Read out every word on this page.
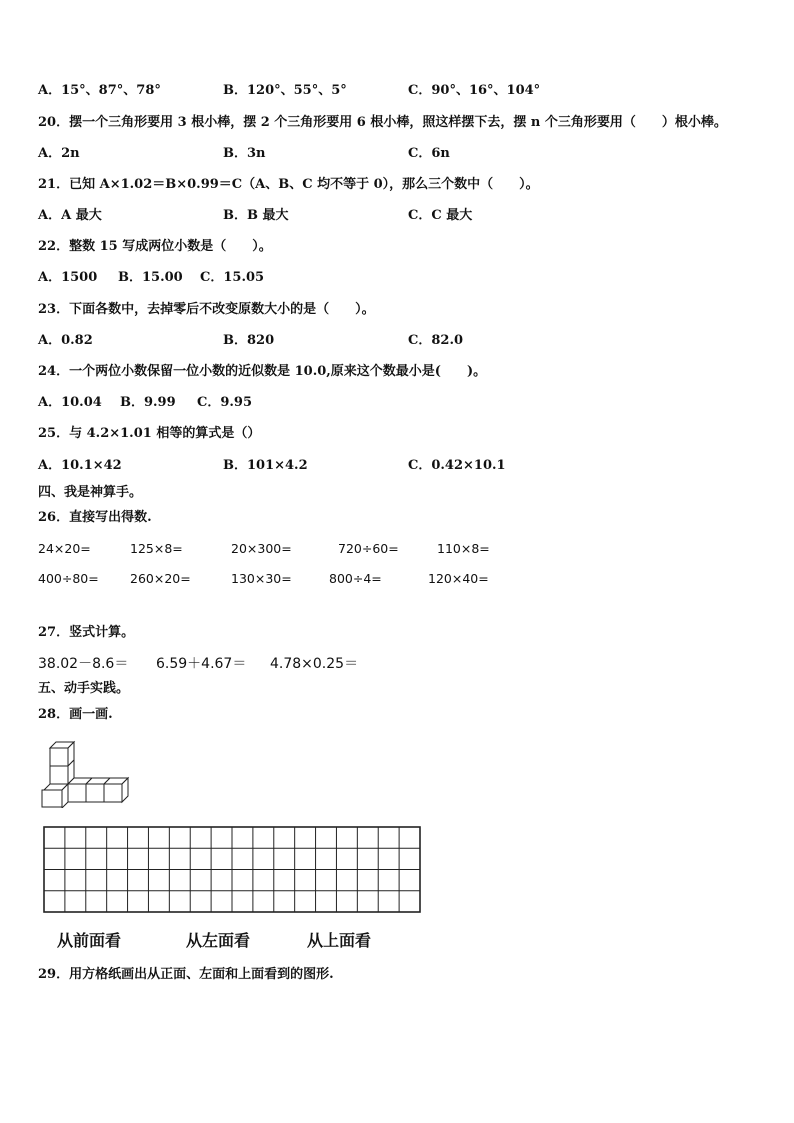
A．15°、87°、78°	B．120°、55°、5°	C．90°、16°、104°
20．摆一个三角形要用 3 根小棒，摆 2 个三角形要用 6 根小棒，照这样摆下去，摆 n 个三角形要用（　　）根小棒。
A．2n	B．3n	C．6n
21．已知 A×1.02＝B×0.99＝C（A、B、C 均不等于 0），那么三个数中（　　）。
A．A 最大	B．B 最大	C．C 最大
22．整数 15 写成两位小数是（　　）。
A．1500 B．15.00 C．15.05
23．下面各数中，去掉零后不改变原数大小的是（　　）。
A．0.82	B．820	C．82.0
24．一个两位小数保留一位小数的近似数是 10.0,原来这个数最小是(　　)。
A．10.04 B．9.99 C．9.95
25．与 4.2×1.01 相等的算式是（）
A．10.1×42	B．101×4.2	C．0.42×10.1
四、我是神算手。
26．直接写出得数.
24×20=	125×8=	20×300=	720÷60=	110×8=
400÷80=	260×20=	130×30=	800÷4=	120×40=
27．竖式计算。
38.02－8.6＝ 6.59＋4.67＝ 4.78×0.25＝
五、动手实践。
28．画一画.
从前面看	从左面看	从上面看
29．用方格纸画出从正面、左面和上面看到的图形.
